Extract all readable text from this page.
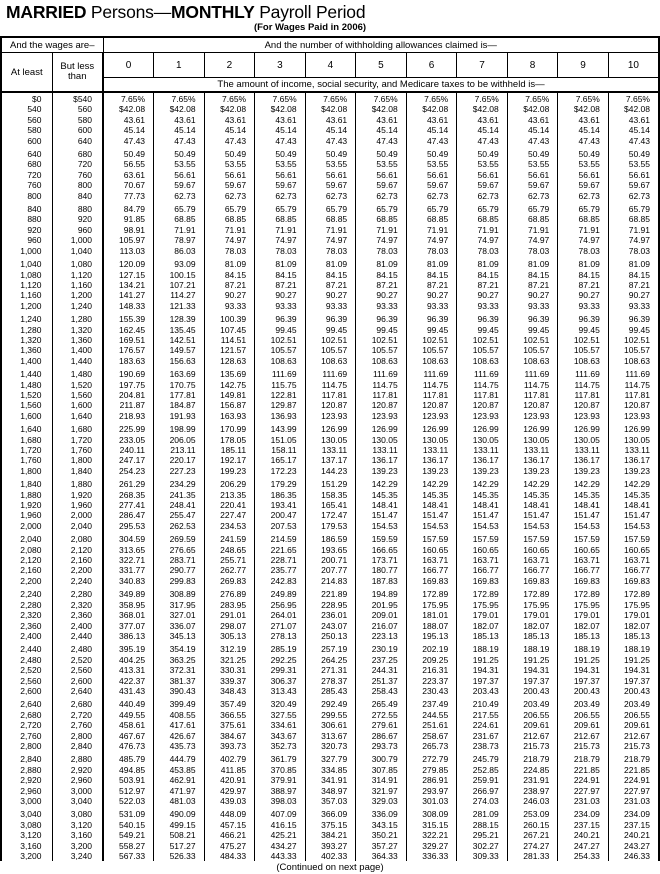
MARRIED Persons—MONTHLY Payroll Period
(For Wages Paid in 2006)
And the wages are–		And the number of withholding allowances claimed is—										
At least	But less than	0	1	2	3	4	5	6	7	8	9	10
		The amount of income, social security, and Medicare taxes to be withheld is—										
$0	$540	7.65%	7.65%	7.65%	7.65%	7.65%	7.65%	7.65%	7.65%	7.65%	7.65%	7.65%
540	560	$42.08	$42.08	$42.08	$42.08	$42.08	$42.08	$42.08	$42.08	$42.08	$42.08	$42.08
560	580	43.61	43.61	43.61	43.61	43.61	43.61	43.61	43.61	43.61	43.61	43.61
580	600	45.14	45.14	45.14	45.14	45.14	45.14	45.14	45.14	45.14	45.14	45.14
600	640	47.43	47.43	47.43	47.43	47.43	47.43	47.43	47.43	47.43	47.43	47.43

640	680	50.49	50.49	50.49	50.49	50.49	50.49	50.49	50.49	50.49	50.49	50.49
680	720	56.55	53.55	53.55	53.55	53.55	53.55	53.55	53.55	53.55	53.55	53.55
720	760	63.61	56.61	56.61	56.61	56.61	56.61	56.61	56.61	56.61	56.61	56.61
760	800	70.67	59.67	59.67	59.67	59.67	59.67	59.67	59.67	59.67	59.67	59.67
800	840	77.73	62.73	62.73	62.73	62.73	62.73	62.73	62.73	62.73	62.73	62.73

840	880	84.79	65.79	65.79	65.79	65.79	65.79	65.79	65.79	65.79	65.79	65.79
880	920	91.85	68.85	68.85	68.85	68.85	68.85	68.85	68.85	68.85	68.85	68.85
920	960	98.91	71.91	71.91	71.91	71.91	71.91	71.91	71.91	71.91	71.91	71.91
960	1,000	105.97	78.97	74.97	74.97	74.97	74.97	74.97	74.97	74.97	74.97	74.97
1,000	1,040	113.03	86.03	78.03	78.03	78.03	78.03	78.03	78.03	78.03	78.03	78.03

1,040	1,080	120.09	93.09	81.09	81.09	81.09	81.09	81.09	81.09	81.09	81.09	81.09
1,080	1,120	127.15	100.15	84.15	84.15	84.15	84.15	84.15	84.15	84.15	84.15	84.15
1,120	1,160	134.21	107.21	87.21	87.21	87.21	87.21	87.21	87.21	87.21	87.21	87.21
1,160	1,200	141.27	114.27	90.27	90.27	90.27	90.27	90.27	90.27	90.27	90.27	90.27
1,200	1,240	148.33	121.33	93.33	93.33	93.33	93.33	93.33	93.33	93.33	93.33	93.33

1,240	1,280	155.39	128.39	100.39	96.39	96.39	96.39	96.39	96.39	96.39	96.39	96.39
1,280	1,320	162.45	135.45	107.45	99.45	99.45	99.45	99.45	99.45	99.45	99.45	99.45
1,320	1,360	169.51	142.51	114.51	102.51	102.51	102.51	102.51	102.51	102.51	102.51	102.51
1,360	1,400	176.57	149.57	121.57	105.57	105.57	105.57	105.57	105.57	105.57	105.57	105.57
1,400	1,440	183.63	156.63	128.63	108.63	108.63	108.63	108.63	108.63	108.63	108.63	108.63

1,440	1,480	190.69	163.69	135.69	111.69	111.69	111.69	111.69	111.69	111.69	111.69	111.69
1,480	1,520	197.75	170.75	142.75	115.75	114.75	114.75	114.75	114.75	114.75	114.75	114.75
1,520	1,560	204.81	177.81	149.81	122.81	117.81	117.81	117.81	117.81	117.81	117.81	117.81
1,560	1,600	211.87	184.87	156.87	129.87	120.87	120.87	120.87	120.87	120.87	120.87	120.87
1,600	1,640	218.93	191.93	163.93	136.93	123.93	123.93	123.93	123.93	123.93	123.93	123.93

1,640	1,680	225.99	198.99	170.99	143.99	126.99	126.99	126.99	126.99	126.99	126.99	126.99
1,680	1,720	233.05	206.05	178.05	151.05	130.05	130.05	130.05	130.05	130.05	130.05	130.05
1,720	1,760	240.11	213.11	185.11	158.11	133.11	133.11	133.11	133.11	133.11	133.11	133.11
1,760	1,800	247.17	220.17	192.17	165.17	137.17	136.17	136.17	136.17	136.17	136.17	136.17
1,800	1,840	254.23	227.23	199.23	172.23	144.23	139.23	139.23	139.23	139.23	139.23	139.23

1,840	1,880	261.29	234.29	206.29	179.29	151.29	142.29	142.29	142.29	142.29	142.29	142.29
1,880	1,920	268.35	241.35	213.35	186.35	158.35	145.35	145.35	145.35	145.35	145.35	145.35
1,920	1,960	277.41	248.41	220.41	193.41	165.41	148.41	148.41	148.41	148.41	148.41	148.41
1,960	2,000	286.47	255.47	227.47	200.47	172.47	151.47	151.47	151.47	151.47	151.47	151.47
2,000	2,040	295.53	262.53	234.53	207.53	179.53	154.53	154.53	154.53	154.53	154.53	154.53

2,040	2,080	304.59	269.59	241.59	214.59	186.59	159.59	157.59	157.59	157.59	157.59	157.59
2,080	2,120	313.65	276.65	248.65	221.65	193.65	166.65	160.65	160.65	160.65	160.65	160.65
2,120	2,160	322.71	283.71	255.71	228.71	200.71	173.71	163.71	163.71	163.71	163.71	163.71
2,160	2,200	331.77	290.77	262.77	235.77	207.77	180.77	166.77	166.77	166.77	166.77	166.77
2,200	2,240	340.83	299.83	269.83	242.83	214.83	187.83	169.83	169.83	169.83	169.83	169.83

2,240	2,280	349.89	308.89	276.89	249.89	221.89	194.89	172.89	172.89	172.89	172.89	172.89
2,280	2,320	358.95	317.95	283.95	256.95	228.95	201.95	175.95	175.95	175.95	175.95	175.95
2,320	2,360	368.01	327.01	291.01	264.01	236.01	209.01	181.01	179.01	179.01	179.01	179.01
2,360	2,400	377.07	336.07	298.07	271.07	243.07	216.07	188.07	182.07	182.07	182.07	182.07
2,400	2,440	386.13	345.13	305.13	278.13	250.13	223.13	195.13	185.13	185.13	185.13	185.13

2,440	2,480	395.19	354.19	312.19	285.19	257.19	230.19	202.19	188.19	188.19	188.19	188.19
2,480	2,520	404.25	363.25	321.25	292.25	264.25	237.25	209.25	191.25	191.25	191.25	191.25
2,520	2,560	413.31	372.31	330.31	299.31	271.31	244.31	216.31	194.31	194.31	194.31	194.31
2,560	2,600	422.37	381.37	339.37	306.37	278.37	251.37	223.37	197.37	197.37	197.37	197.37
2,600	2,640	431.43	390.43	348.43	313.43	285.43	258.43	230.43	203.43	200.43	200.43	200.43

2,640	2,680	440.49	399.49	357.49	320.49	292.49	265.49	237.49	210.49	203.49	203.49	203.49
2,680	2,720	449.55	408.55	366.55	327.55	299.55	272.55	244.55	217.55	206.55	206.55	206.55
2,720	2,760	458.61	417.61	375.61	334.61	306.61	279.61	251.61	224.61	209.61	209.61	209.61
2,760	2,800	467.67	426.67	384.67	343.67	313.67	286.67	258.67	231.67	212.67	212.67	212.67
2,800	2,840	476.73	435.73	393.73	352.73	320.73	293.73	265.73	238.73	215.73	215.73	215.73

2,840	2,880	485.79	444.79	402.79	361.79	327.79	300.79	272.79	245.79	218.79	218.79	218.79
2,880	2,920	494.85	453.85	411.85	370.85	334.85	307.85	279.85	252.85	224.85	221.85	221.85
2,920	2,960	503.91	462.91	420.91	379.91	341.91	314.91	286.91	259.91	231.91	224.91	224.91
2,960	3,000	512.97	471.97	429.97	388.97	348.97	321.97	293.97	266.97	238.97	227.97	227.97
3,000	3,040	522.03	481.03	439.03	398.03	357.03	329.03	301.03	274.03	246.03	231.03	231.03

3,040	3,080	531.09	490.09	448.09	407.09	366.09	336.09	308.09	281.09	253.09	234.09	234.09
3,080	3,120	540.15	499.15	457.15	416.15	375.15	343.15	315.15	288.15	260.15	237.15	237.15
3,120	3,160	549.21	508.21	466.21	425.21	384.21	350.21	322.21	295.21	267.21	240.21	240.21
3,160	3,200	558.27	517.27	475.27	434.27	393.27	357.27	329.27	302.27	274.27	247.27	243.27
3,200	3,240	567.33	526.33	484.33	443.33	402.33	364.33	336.33	309.33	281.33	254.33	246.33
(Continued on next page)
